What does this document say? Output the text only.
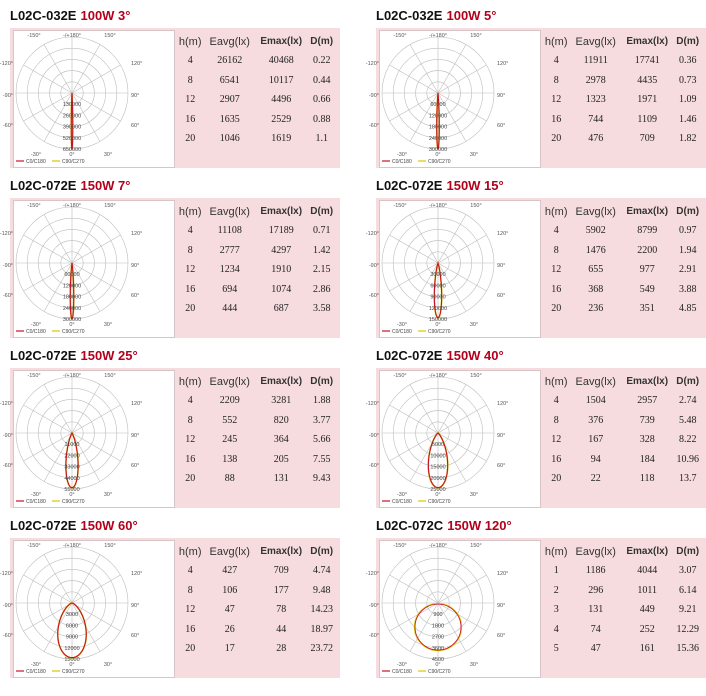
L02C-032E 100W 3°
-150°	-/+180°	150°
-120°	120°
-90°	90°
-60°	60°
-30°	0°	30°
130000
260000
390000
520000
650000
C0/C180	C90/C270
h(m)	Eavg(lx)	Emax(lx)	D(m)
4	26162	40468	0.22
8	6541	10117	0.44
12	2907	4496	0.66
16	1635	2529	0.88
20	1046	1619	1.1
L02C-032E 100W 5°
-150°	-/+180°	150°
-120°	120°
-90°	90°
-60°	60°
-30°	0°	30°
60000
120000
180000
240000
300000
C0/C180	C90/C270
h(m)	Eavg(lx)	Emax(lx)	D(m)
4	11911	17741	0.36
8	2978	4435	0.73
12	1323	1971	1.09
16	744	1109	1.46
20	476	709	1.82
L02C-072E 150W 7°
-150°	-/+180°	150°
-120°	120°
-90°	90°
-60°	60°
-30°	0°	30°
60000
120000
180000
240000
300000
C0/C180	C90/C270
h(m)	Eavg(lx)	Emax(lx)	D(m)
4	11108	17189	0.71
8	2777	4297	1.42
12	1234	1910	2.15
16	694	1074	2.86
20	444	687	3.58
L02C-072E 150W 15°
-150°	-/+180°	150°
-120°	120°
-90°	90°
-60°	60°
-30°	0°	30°
30000
60000
90000
120000
150000
C0/C180	C90/C270
h(m)	Eavg(lx)	Emax(lx)	D(m)
4	5902	8799	0.97
8	1476	2200	1.94
12	655	977	2.91
16	368	549	3.88
20	236	351	4.85
L02C-072E 150W 25°
-150°	-/+180°	150°
-120°	120°
-90°	90°
-60°	60°
-30°	0°	30°
11000
22000
33000
44000
55000
C0/C180	C90/C270
h(m)	Eavg(lx)	Emax(lx)	D(m)
4	2209	3281	1.88
8	552	820	3.77
12	245	364	5.66
16	138	205	7.55
20	88	131	9.43
L02C-072E 150W 40°
-150°	-/+180°	150°
-120°	120°
-90°	90°
-60°	60°
-30°	0°	30°
5000
10000
15000
20000
25000
C0/C180	C90/C270
h(m)	Eavg(lx)	Emax(lx)	D(m)
4	1504	2957	2.74
8	376	739	5.48
12	167	328	8.22
16	94	184	10.96
20	22	118	13.7
L02C-072E 150W 60°
-150°	-/+180°	150°
-120°	120°
-90°	90°
-60°	60°
-30°	0°	30°
3000
6000
9000
12000
15000
C0/C180	C90/C270
h(m)	Eavg(lx)	Emax(lx)	D(m)
4	427	709	4.74
8	106	177	9.48
12	47	78	14.23
16	26	44	18.97
20	17	28	23.72
L02C-072C 150W 120°
-150°	-/+180°	150°
-120°	120°
-90°	90°
-60°	60°
-30°	0°	30°
900
1800
2700
3600
4500
C0/C180	C90/C270
h(m)	Eavg(lx)	Emax(lx)	D(m)
1	1186	4044	3.07
2	296	1011	6.14
3	131	449	9.21
4	74	252	12.29
5	47	161	15.36
